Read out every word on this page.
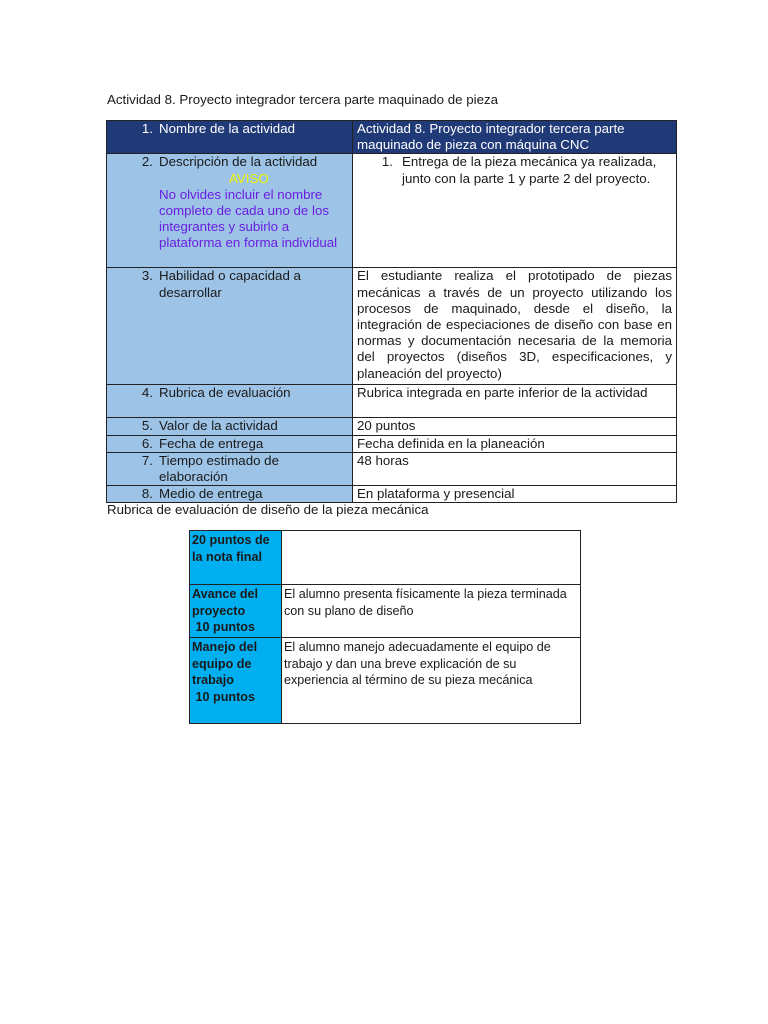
Actividad 8. Proyecto integrador tercera parte maquinado de pieza

1. Nombre de la actividad	Actividad 8. Proyecto integrador tercera parte maquinado de pieza con máquina CNC

2. Descripción de la actividad
AVISO
No olvides incluir el nombre completo de cada uno de los integrantes y subirlo a plataforma en forma individual	1. Entrega de la pieza mecánica ya realizada, junto con la parte 1 y parte 2 del proyecto.

3. Habilidad o capacidad a desarrollar	El estudiante realiza el prototipado de piezas mecánicas a través de un proyecto utilizando los procesos de maquinado, desde el diseño, la integración de especiaciones de diseño con base en normas y documentación necesaria de la memoria del proyectos (diseños 3D, especificaciones, y planeación del proyecto)

4. Rubrica de evaluación	Rubrica integrada en parte inferior de la actividad

5. Valor de la actividad	20 puntos

6. Fecha de entrega	Fecha definida en la planeación

7. Tiempo estimado de elaboración	48 horas

8. Medio de entrega	En plataforma y presencial

Rubrica de evaluación de diseño de la pieza mecánica

20 puntos de la nota final	
Avance del proyecto
10 puntos	El alumno presenta físicamente la pieza terminada con su plano de diseño
Manejo del equipo de trabajo
10 puntos	El alumno manejo adecuadamente el equipo de trabajo y dan una breve explicación de su experiencia al término de su pieza mecánica
